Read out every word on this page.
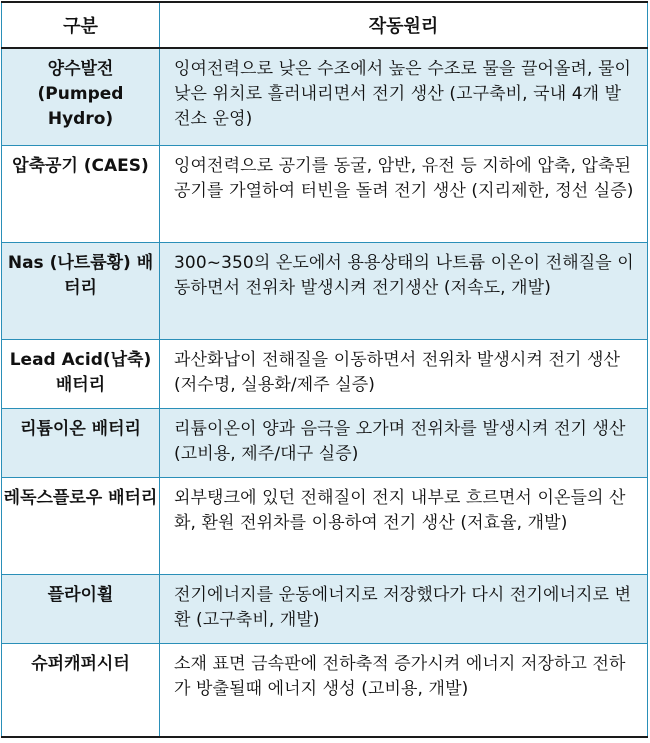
구분	작동원리
양수발전 (Pumped Hydro)	잉여전력으로 낮은 수조에서 높은 수조로 물을 끌어올려, 물이 낮은 위치로 흘러내리면서 전기 생산 (고구축비, 국내 4개 발전소 운영)
압축공기 (CAES)	잉여전력으로 공기를 동굴, 암반, 유전 등 지하에 압축, 압축된 공기를 가열하여 터빈을 돌려 전기 생산 (지리제한, 정선 실증)
Nas (나트륨황) 배터리	300~350의 온도에서 용용상태의 나트륨 이온이 전해질을 이동하면서 전위차 발생시켜 전기생산 (저속도, 개발)
Lead Acid(납축) 배터리	과산화납이 전해질을 이동하면서 전위차 발생시켜 전기 생산 (저수명, 실용화/제주 실증)
리튬이온 배터리	리튬이온이 양과 음극을 오가며 전위차를 발생시켜 전기 생산 (고비용, 제주/대구 실증)
레독스플로우 배터리	외부탱크에 있던 전해질이 전지 내부로 흐르면서 이온들의 산화, 환원 전위차를 이용하여 전기 생산 (저효율, 개발)
플라이휠	전기에너지를 운동에너지로 저장했다가 다시 전기에너지로 변환 (고구축비, 개발)
슈퍼캐퍼시터	소재 표면 금속판에 전하축적 증가시켜 에너지 저장하고 전하가 방출될때 에너지 생성 (고비용, 개발)
